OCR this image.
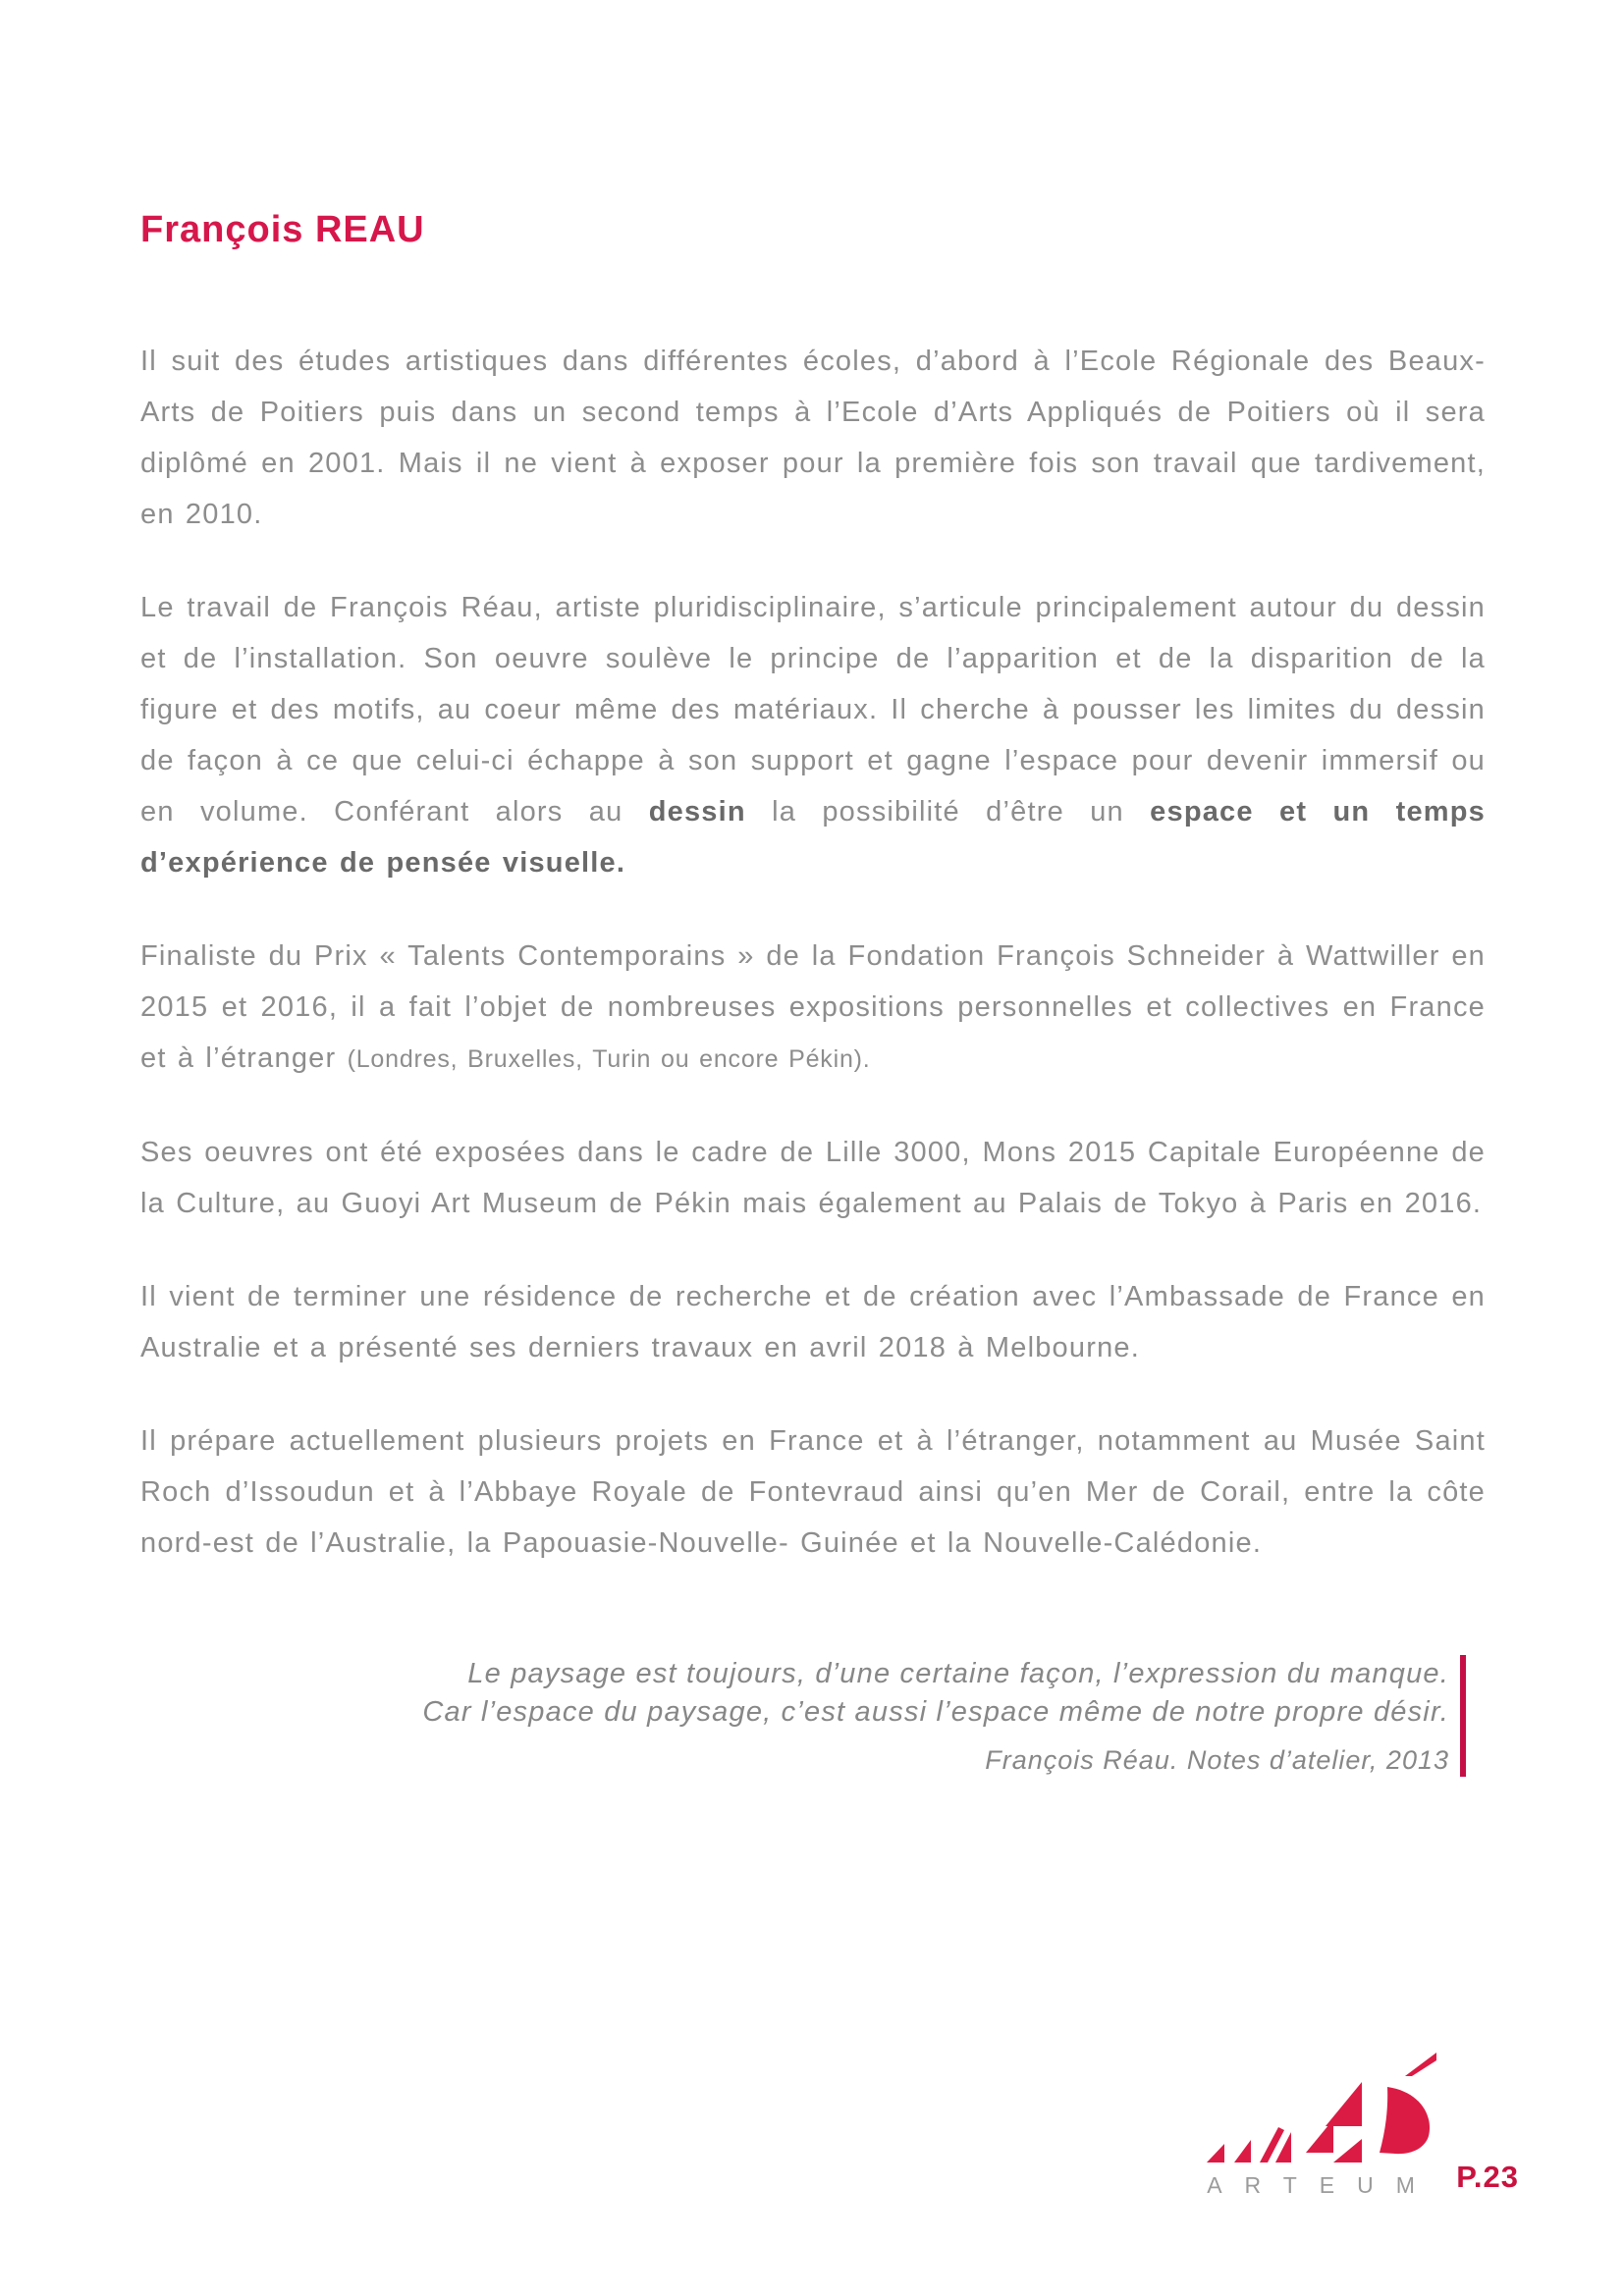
François REAU

Il suit des études artistiques dans différentes écoles, d’abord à l’Ecole Régionale des Beaux-Arts de Poitiers puis dans un second temps à l’Ecole d’Arts Appliqués de Poitiers où il sera diplômé en 2001. Mais il ne vient à exposer pour la première fois son travail que tardivement, en 2010.

Le travail de François Réau, artiste pluridisciplinaire, s’articule principalement autour du dessin et de l’installation. Son oeuvre soulève le principe de l’apparition et de la disparition de la figure et des motifs, au coeur même des matériaux. Il cherche à pousser les limites du dessin de façon à ce que celui-ci échappe à son support et gagne l’espace pour devenir immersif ou en volume. Conférant alors au dessin la possibilité d’être un espace et un temps d’expérience de pensée visuelle.

Finaliste du Prix « Talents Contemporains » de la Fondation François Schneider à Wattwiller en 2015 et 2016, il a fait l’objet de nombreuses expositions personnelles et collectives en France et à l’étranger (Londres, Bruxelles, Turin ou encore Pékin).

Ses oeuvres ont été exposées dans le cadre de Lille 3000, Mons 2015 Capitale Européenne de la Culture, au Guoyi Art Museum de Pékin mais également au Palais de Tokyo à Paris en 2016.

Il vient de terminer une résidence de recherche et de création avec l’Ambassade de France en Australie et a présenté ses derniers travaux en avril 2018 à Melbourne.

Il prépare actuellement plusieurs projets en France et à l’étranger, notamment au Musée Saint Roch d’Issoudun et à l’Abbaye Royale de Fontevraud ainsi qu’en Mer de Corail, entre la côte nord-est de l’Australie, la Papouasie-Nouvelle- Guinée et la Nouvelle-Calédonie.

Le paysage est toujours, d’une certaine façon, l’expression du manque.
Car l’espace du paysage, c’est aussi l’espace même de notre propre désir.
François Réau. Notes d’atelier, 2013
ARTEUM P.23
